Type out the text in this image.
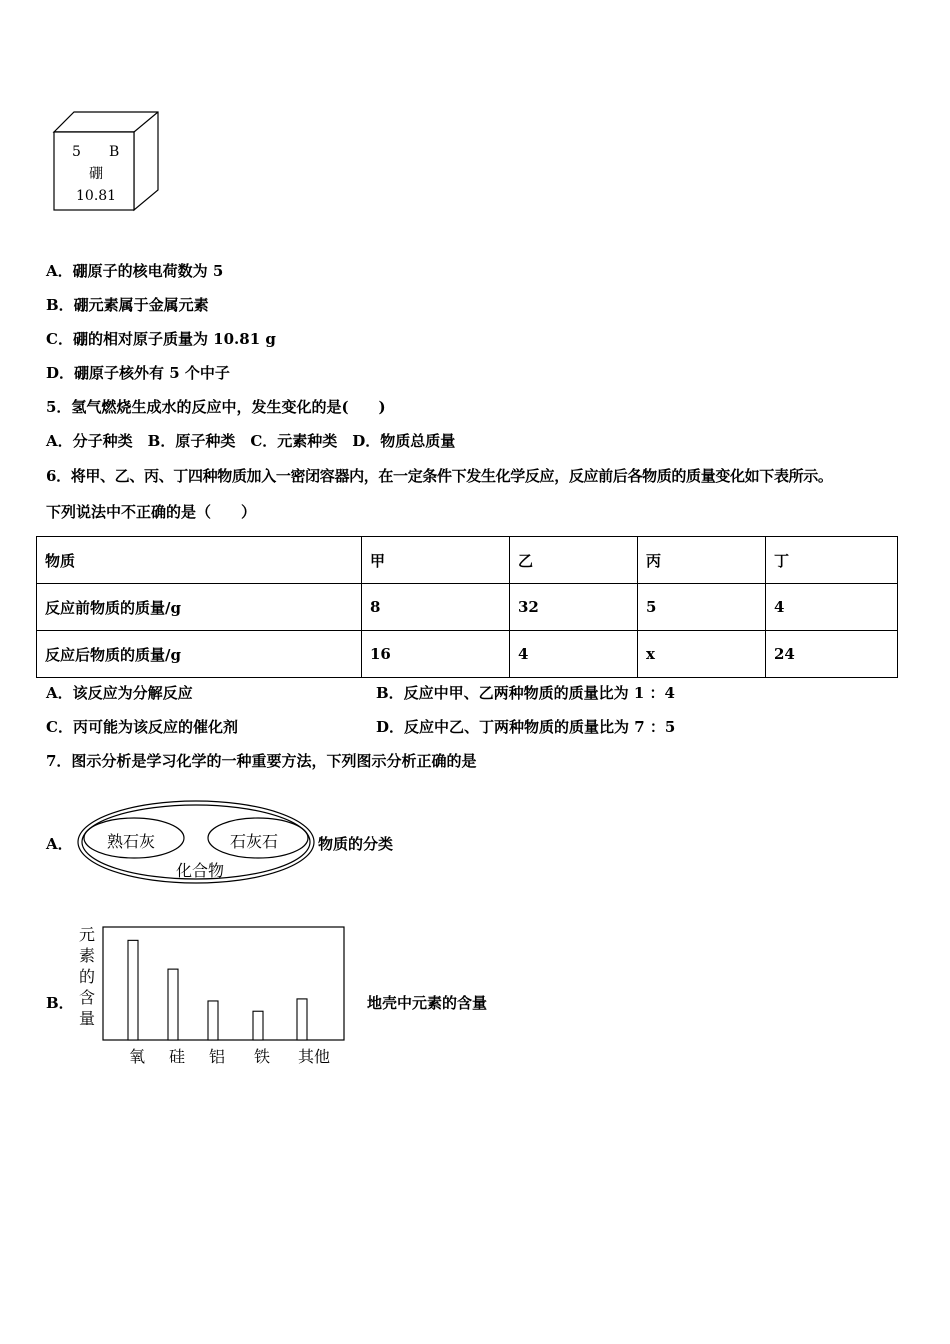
5 B
硼
10.81
A．硼原子的核电荷数为 5
B．硼元素属于金属元素
C．硼的相对原子质量为 10.81 g
D．硼原子核外有 5 个中子
5．氢气燃烧生成水的反应中，发生变化的是(　　)
A．分子种类　B．原子种类　C．元素种类　D．物质总质量
6．将甲、乙、丙、丁四种物质加入一密闭容器内，在一定条件下发生化学反应，反应前后各物质的质量变化如下表所示。
下列说法中不正确的是（　　）
物质	甲	乙	丙	丁
反应前物质的质量/g	8	32	5	4
反应后物质的质量/g	16	4	x	24
A．该反应为分解反应	B．反应中甲、乙两种物质的质量比为 1 ：4
C．丙可能为该反应的催化剂	D．反应中乙、丁两种物质的质量比为 7 ：5
7．图示分析是学习化学的一种重要方法，下列图示分析正确的是
A． 熟石灰	石灰石
化合物
物质的分类
B．
元素的含量
氧 硅 铝 铁 其他
地壳中元素的含量
